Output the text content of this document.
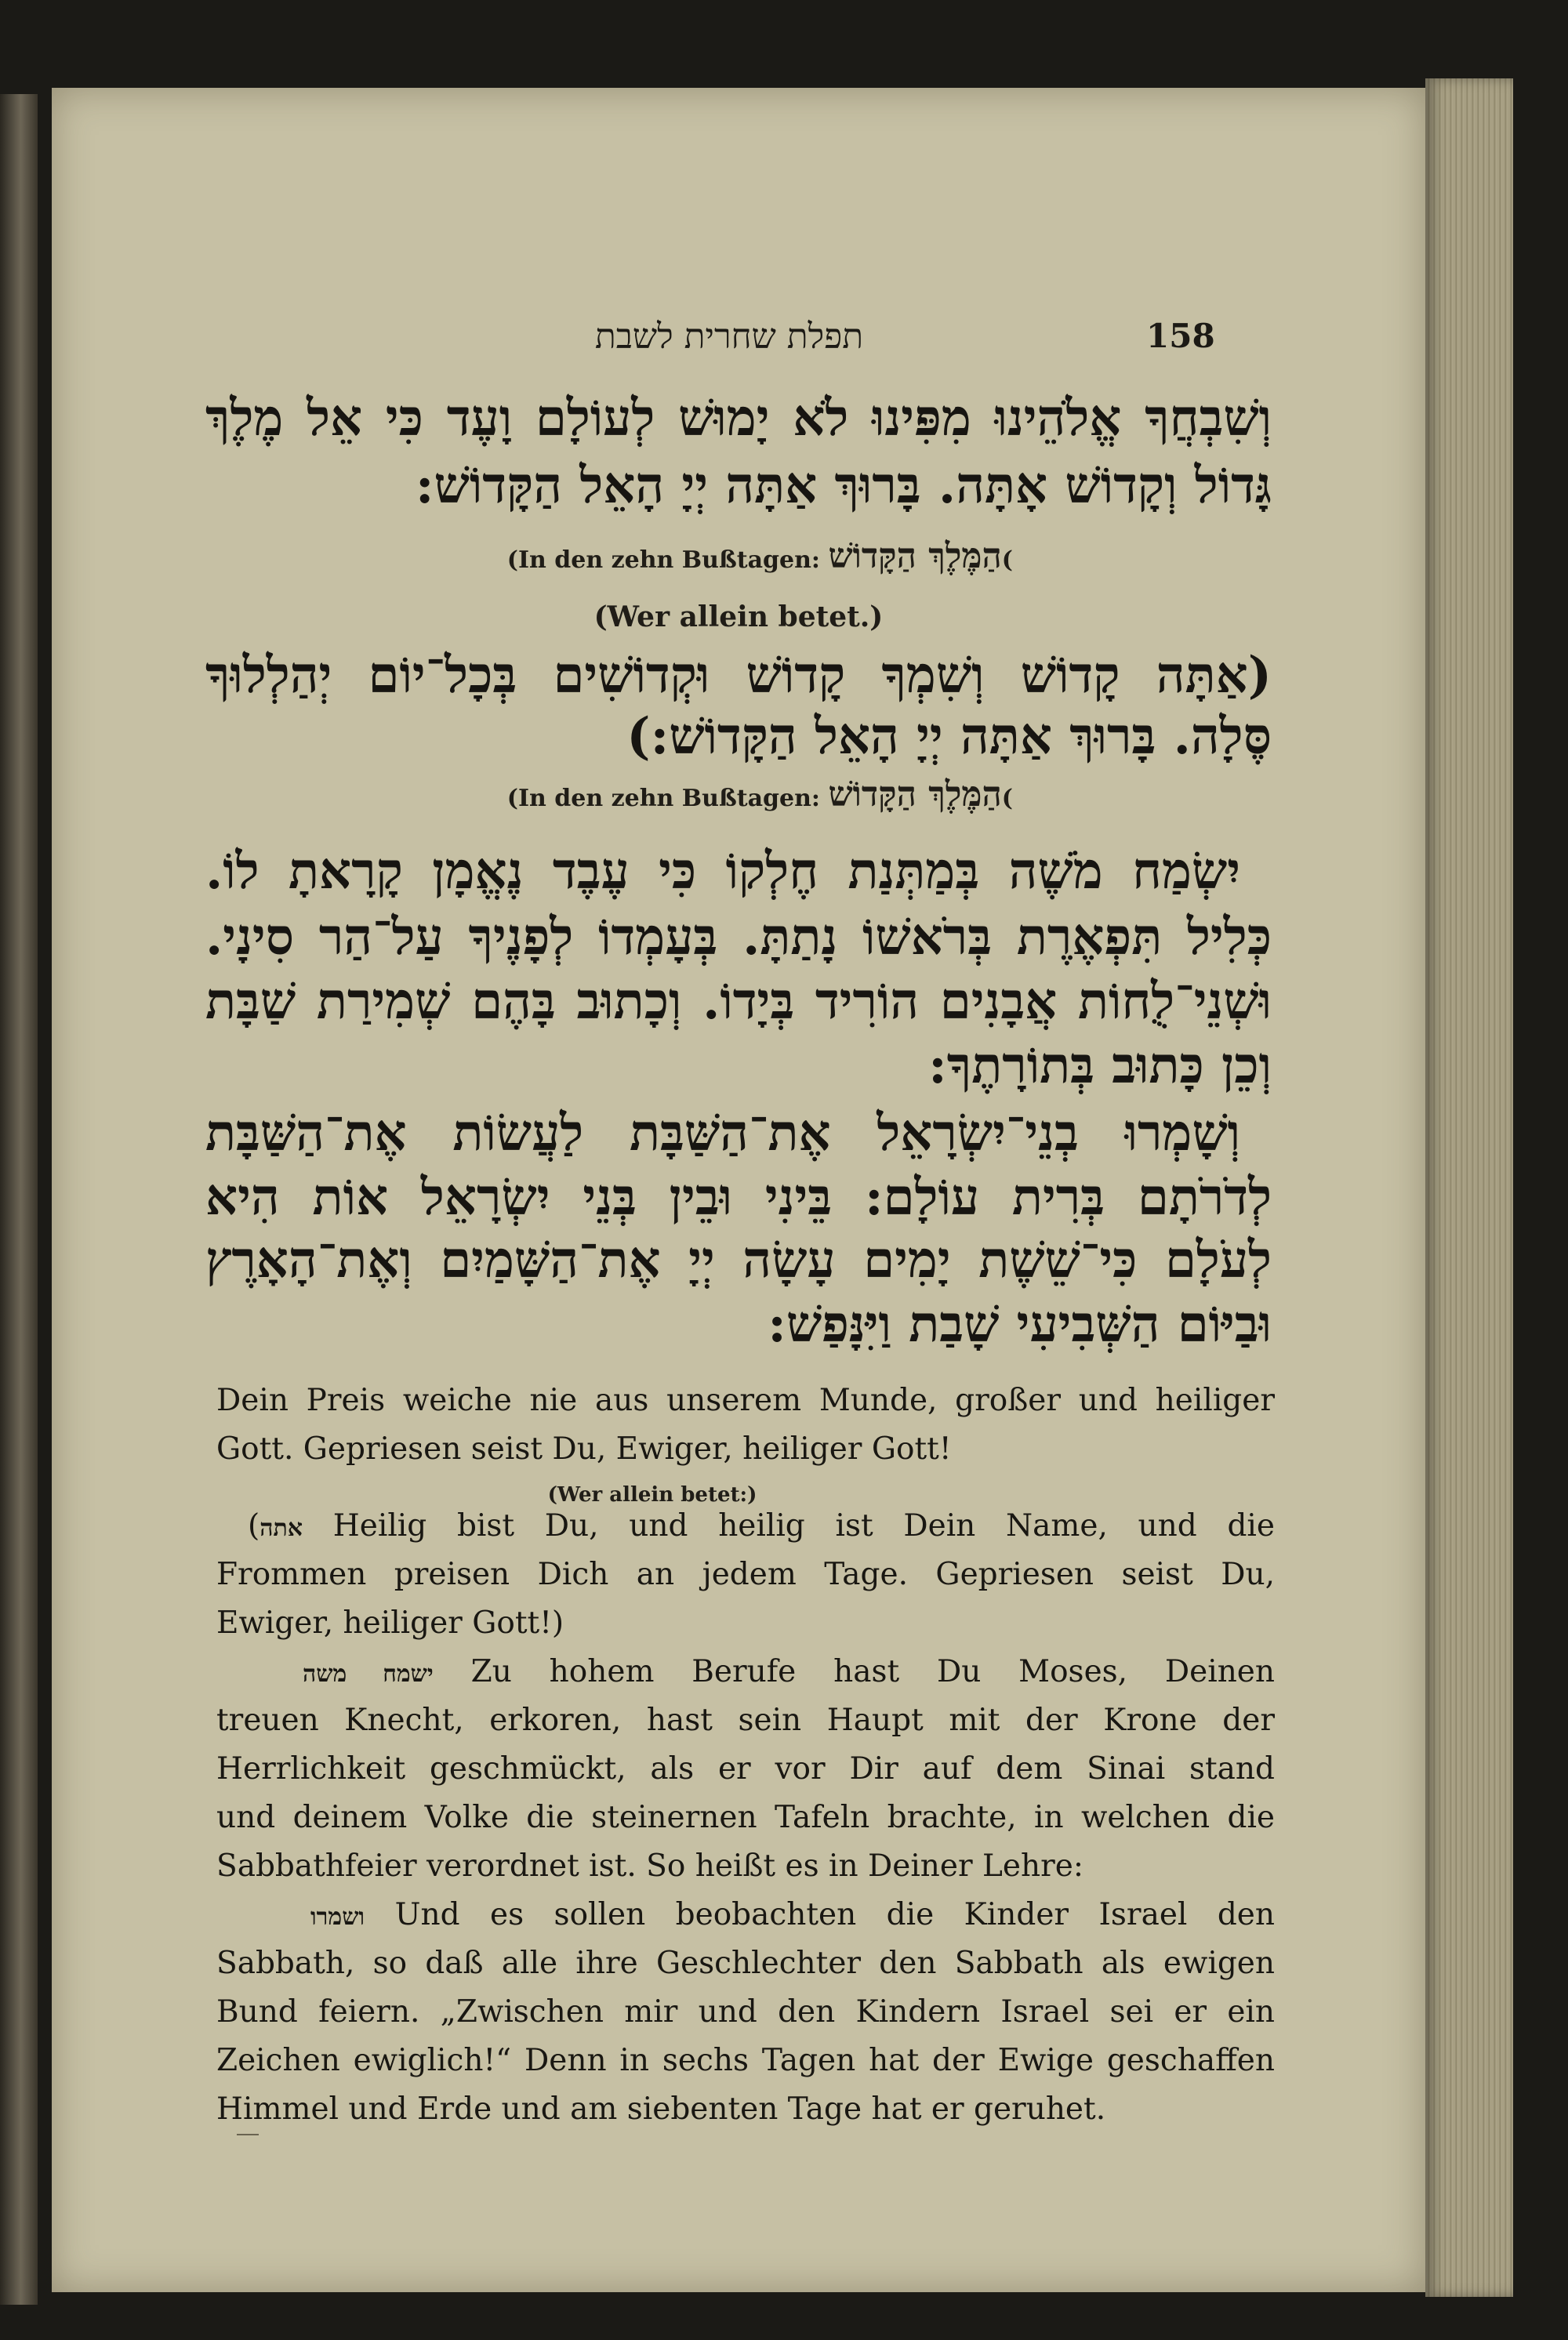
תפלת שחרית לשבת	158
וְשִׁבְחֲךָ אֱלֹהֵינוּ מִפִּינוּ לֹא יָמוּשׁ לְעוֹלָם וָעֶד כִּי אֵל מֶלֶךְ
גָּדוֹל וְקָדוֹשׁ אָתָּה. בָּרוּךְ אַתָּה יְיָ הָאֵל הַקָּדוֹשׁ:
(In den zehn Bußtagen: הַמֶּלֶךְ הַקָּדוֹשׁ(
(Wer allein betet.)
(אַתָּה קָדוֹשׁ וְשִׁמְךָ קָדוֹשׁ וּקְדוֹשִׁים בְּכָל־יוֹם יְהַלְלוּךָ
סֶּלָה. בָּרוּךְ אַתָּה יְיָ הָאֵל הַקָּדוֹשׁ:)
(In den zehn Bußtagen: הַמֶּלֶךְ הַקָּדוֹשׁ(
יִשְׂמַח מֹשֶׁה בְּמַתְּנַת חֶלְקוֹ כִּי עֶבֶד נֶאֱמָן קָרָאתָ לוֹ.
כְּלִיל תִּפְאֶרֶת בְּרֹאשׁוֹ נָתַתָּ. בְּעָמְדוֹ לְפָנֶיךָ עַל־הַר סִינָי.
וּשְׁנֵי־לֻחוֹת אֲבָנִים הוֹרִיד בְּיָדוֹ. וְכָתוּב בָּהֶם שְׁמִירַת שַׁבָּת
וְכֵן כָּתוּב בְּתוֹרָתֶךָ:
וְשָׁמְרוּ בְנֵי־יִשְׂרָאֵל אֶת־הַשַּׁבָּת לַעֲשׂוֹת אֶת־הַשַּׁבָּת
לְדֹרֹתָם בְּרִית עוֹלָם: בֵּינִי וּבֵין בְּנֵי יִשְׂרָאֵל אוֹת הִיא
לְעֹלָם כִּי־שֵׁשֶׁת יָמִים עָשָׂה יְיָ אֶת־הַשָּׁמַיִם וְאֶת־הָאָרֶץ
וּבַיּוֹם הַשְּׁבִיעִי שָׁבַת וַיִּנָּפַשׁ:
Dein Preis weiche nie aus unserem Munde, großer und heiliger
Gott. Gepriesen seist Du, Ewiger, heiliger Gott!
(Wer allein betet:)
(אתה Heilig bist Du, und heilig ist Dein Name, und die
Frommen preisen Dich an jedem Tage. Gepriesen seist Du,
Ewiger, heiliger Gott!)
ישמח משה Zu hohem Berufe hast Du Moses, Deinen
treuen Knecht, erkoren, hast sein Haupt mit der Krone der
Herrlichkeit geschmückt, als er vor Dir auf dem Sinai stand
und deinem Volke die steinernen Tafeln brachte, in welchen die
Sabbathfeier verordnet ist. So heißt es in Deiner Lehre:
ושמרו Und es sollen beobachten die Kinder Israel den
Sabbath, so daß alle ihre Geschlechter den Sabbath als ewigen
Bund feiern. „Zwischen mir und den Kindern Israel sei er ein
Zeichen ewiglich!“ Denn in sechs Tagen hat der Ewige geschaffen
Himmel und Erde und am siebenten Tage hat er geruhet.
